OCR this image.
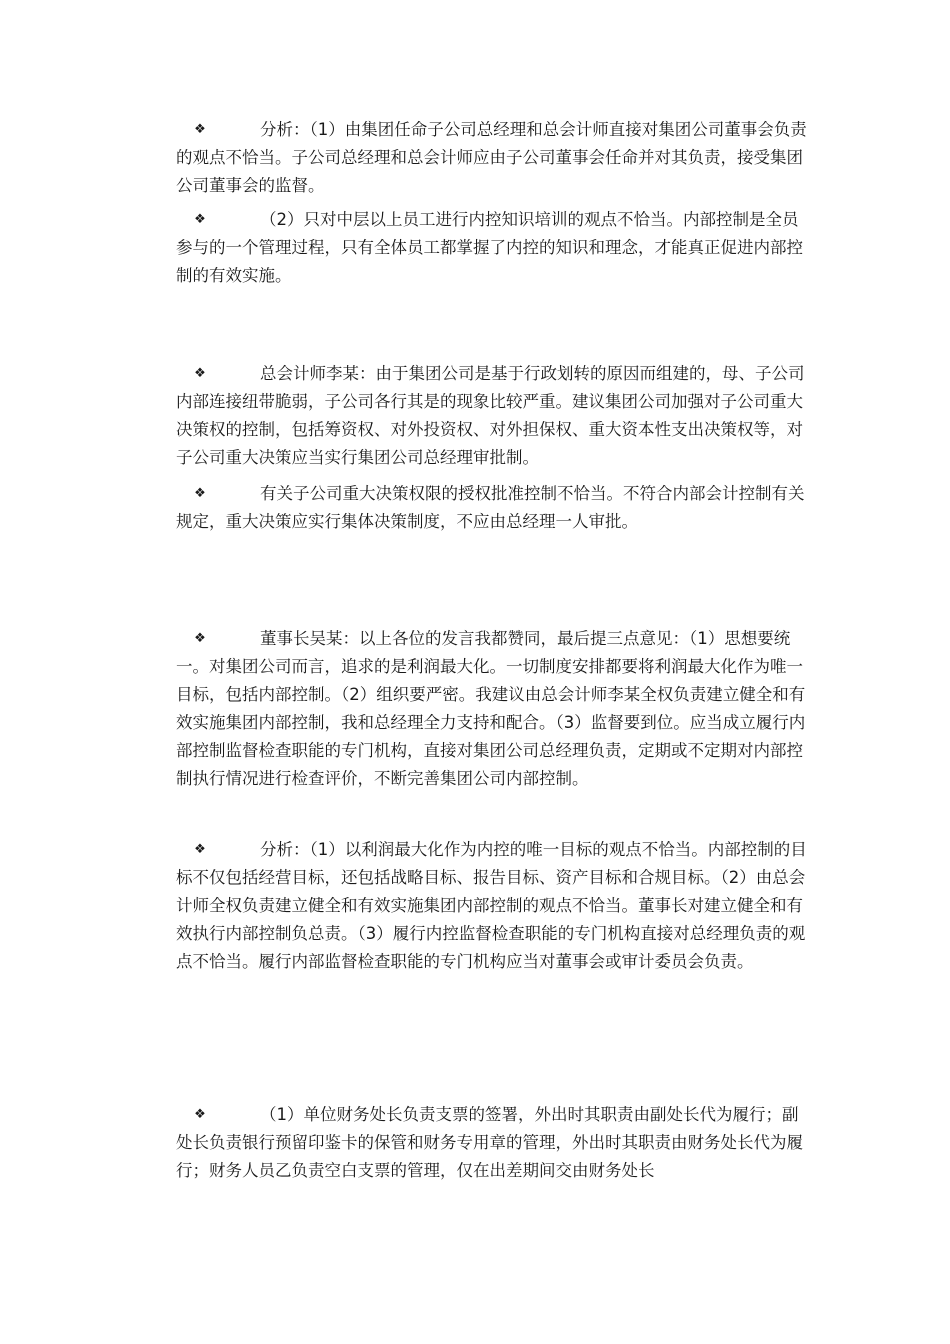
❖	分析：（1）由集团任命子公司总经理和总会计师直接对集团公司董事会负责的观点不恰当。子公司总经理和总会计师应由子公司董事会任命并对其负责，接受集团公司董事会的监督。

❖	（2）只对中层以上员工进行内控知识培训的观点不恰当。内部控制是全员参与的一个管理过程，只有全体员工都掌握了内控的知识和理念，才能真正促进内部控制的有效实施。

❖	总会计师李某：由于集团公司是基于行政划转的原因而组建的，母、子公司内部连接纽带脆弱，子公司各行其是的现象比较严重。建议集团公司加强对子公司重大决策权的控制，包括筹资权、对外投资权、对外担保权、重大资本性支出决策权等，对子公司重大决策应当实行集团公司总经理审批制。

❖	有关子公司重大决策权限的授权批准控制不恰当。不符合内部会计控制有关规定，重大决策应实行集体决策制度，不应由总经理一人审批。

❖	董事长吴某：以上各位的发言我都赞同，最后提三点意见：（1）思想要统一。对集团公司而言，追求的是利润最大化。一切制度安排都要将利润最大化作为唯一目标，包括内部控制。（2）组织要严密。我建议由总会计师李某全权负责建立健全和有效实施集团内部控制，我和总经理全力支持和配合。（3）监督要到位。应当成立履行内部控制监督检查职能的专门机构，直接对集团公司总经理负责，定期或不定期对内部控制执行情况进行检查评价，不断完善集团公司内部控制。

❖	分析：（1）以利润最大化作为内控的唯一目标的观点不恰当。内部控制的目标不仅包括经营目标，还包括战略目标、报告目标、资产目标和合规目标。（2）由总会计师全权负责建立健全和有效实施集团内部控制的观点不恰当。董事长对建立健全和有效执行内部控制负总责。（3）履行内控监督检查职能的专门机构直接对总经理负责的观点不恰当。履行内部监督检查职能的专门机构应当对董事会或审计委员会负责。

❖	（1）单位财务处长负责支票的签署，外出时其职责由副处长代为履行；副处长负责银行预留印鉴卡的保管和财务专用章的管理，外出时其职责由财务处长代为履行；财务人员乙负责空白支票的管理，仅在出差期间交由财务处长
